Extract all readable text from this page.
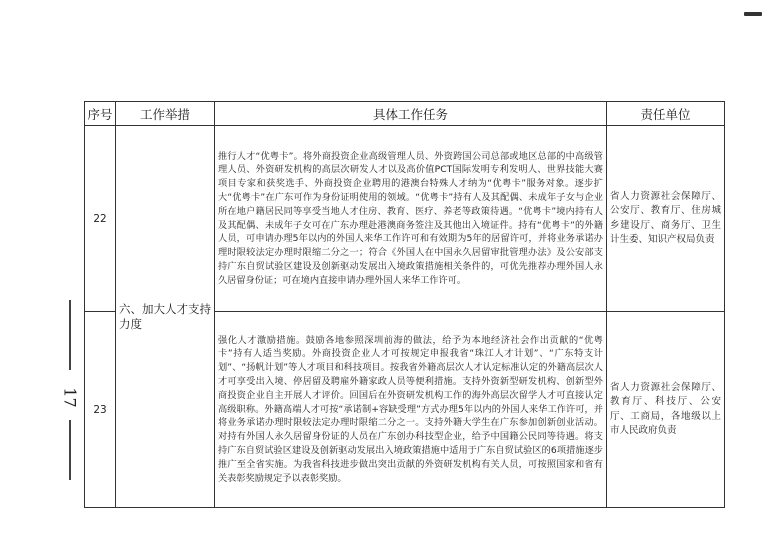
17
序号	工作举措	具体工作任务	责任单位
22	六、加大人才支持力度	推行人才“优粤卡”。将外商投资企业高级管理人员、外资跨国公司总部或地区总部的中高级管理人员、外资研发机构的高层次研发人才以及高价值PCT国际发明专利发明人、世界技能大赛项目专家和获奖选手、外商投资企业聘用的港澳台特殊人才纳为“优粤卡”服务对象。逐步扩大“优粤卡”在广东可作为身份证明使用的领域。“优粤卡”持有人及其配偶、未成年子女与企业所在地户籍居民同等享受当地人才住房、教育、医疗、养老等政策待遇。“优粤卡”境内持有人及其配偶、未成年子女可在广东办理赴港澳商务签注及其他出入境证件。持有“优粤卡”的外籍人员，可申请办理5年以内的外国人来华工作许可和有效期为5年的居留许可，并将业务承诺办理时限较法定办理时限缩二分之一；符合《外国人在中国永久居留审批管理办法》及公安部支持广东自贸试验区建设及创新驱动发展出入境政策措施相关条件的，可优先推荐办理外国人永久居留身份证；可在境内直接申请办理外国人来华工作许可。	省人力资源社会保障厅、公安厅、教育厅、住房城乡建设厅、商务厅、卫生计生委、知识产权局负责
23		强化人才激励措施。鼓励各地参照深圳前海的做法，给予为本地经济社会作出贡献的“优粤卡”持有人适当奖励。外商投资企业人才可按规定申报我省“珠江人才计划”、“广东特支计划”、“扬帆计划”等人才项目和科技项目。按我省外籍高层次人才认定标准认定的外籍高层次人才可享受出入境、停居留及聘雇外籍家政人员等便利措施。支持外资新型研发机构、创新型外商投资企业自主开展人才评价。回国后在外资研发机构工作的海外高层次留学人才可直接认定高级职称。外籍高端人才可按“承诺制+容缺受理”方式办理5年以内的外国人来华工作许可，并将业务承诺办理时限较法定办理时限缩二分之一。支持外籍大学生在广东参加创新创业活动。对持有外国人永久居留身份证的人员在广东创办科技型企业，给予中国籍公民同等待遇。将支持广东自贸试验区建设及创新驱动发展出入境政策措施中适用于广东自贸试验区的6项措施逐步推广至全省实施。为我省科技进步做出突出贡献的外资研发机构有关人员，可按照国家和省有关表彰奖励规定予以表彰奖励。	省人力资源社会保障厅、教育厅、科技厅、公安厅、工商局，各地级以上市人民政府负责
